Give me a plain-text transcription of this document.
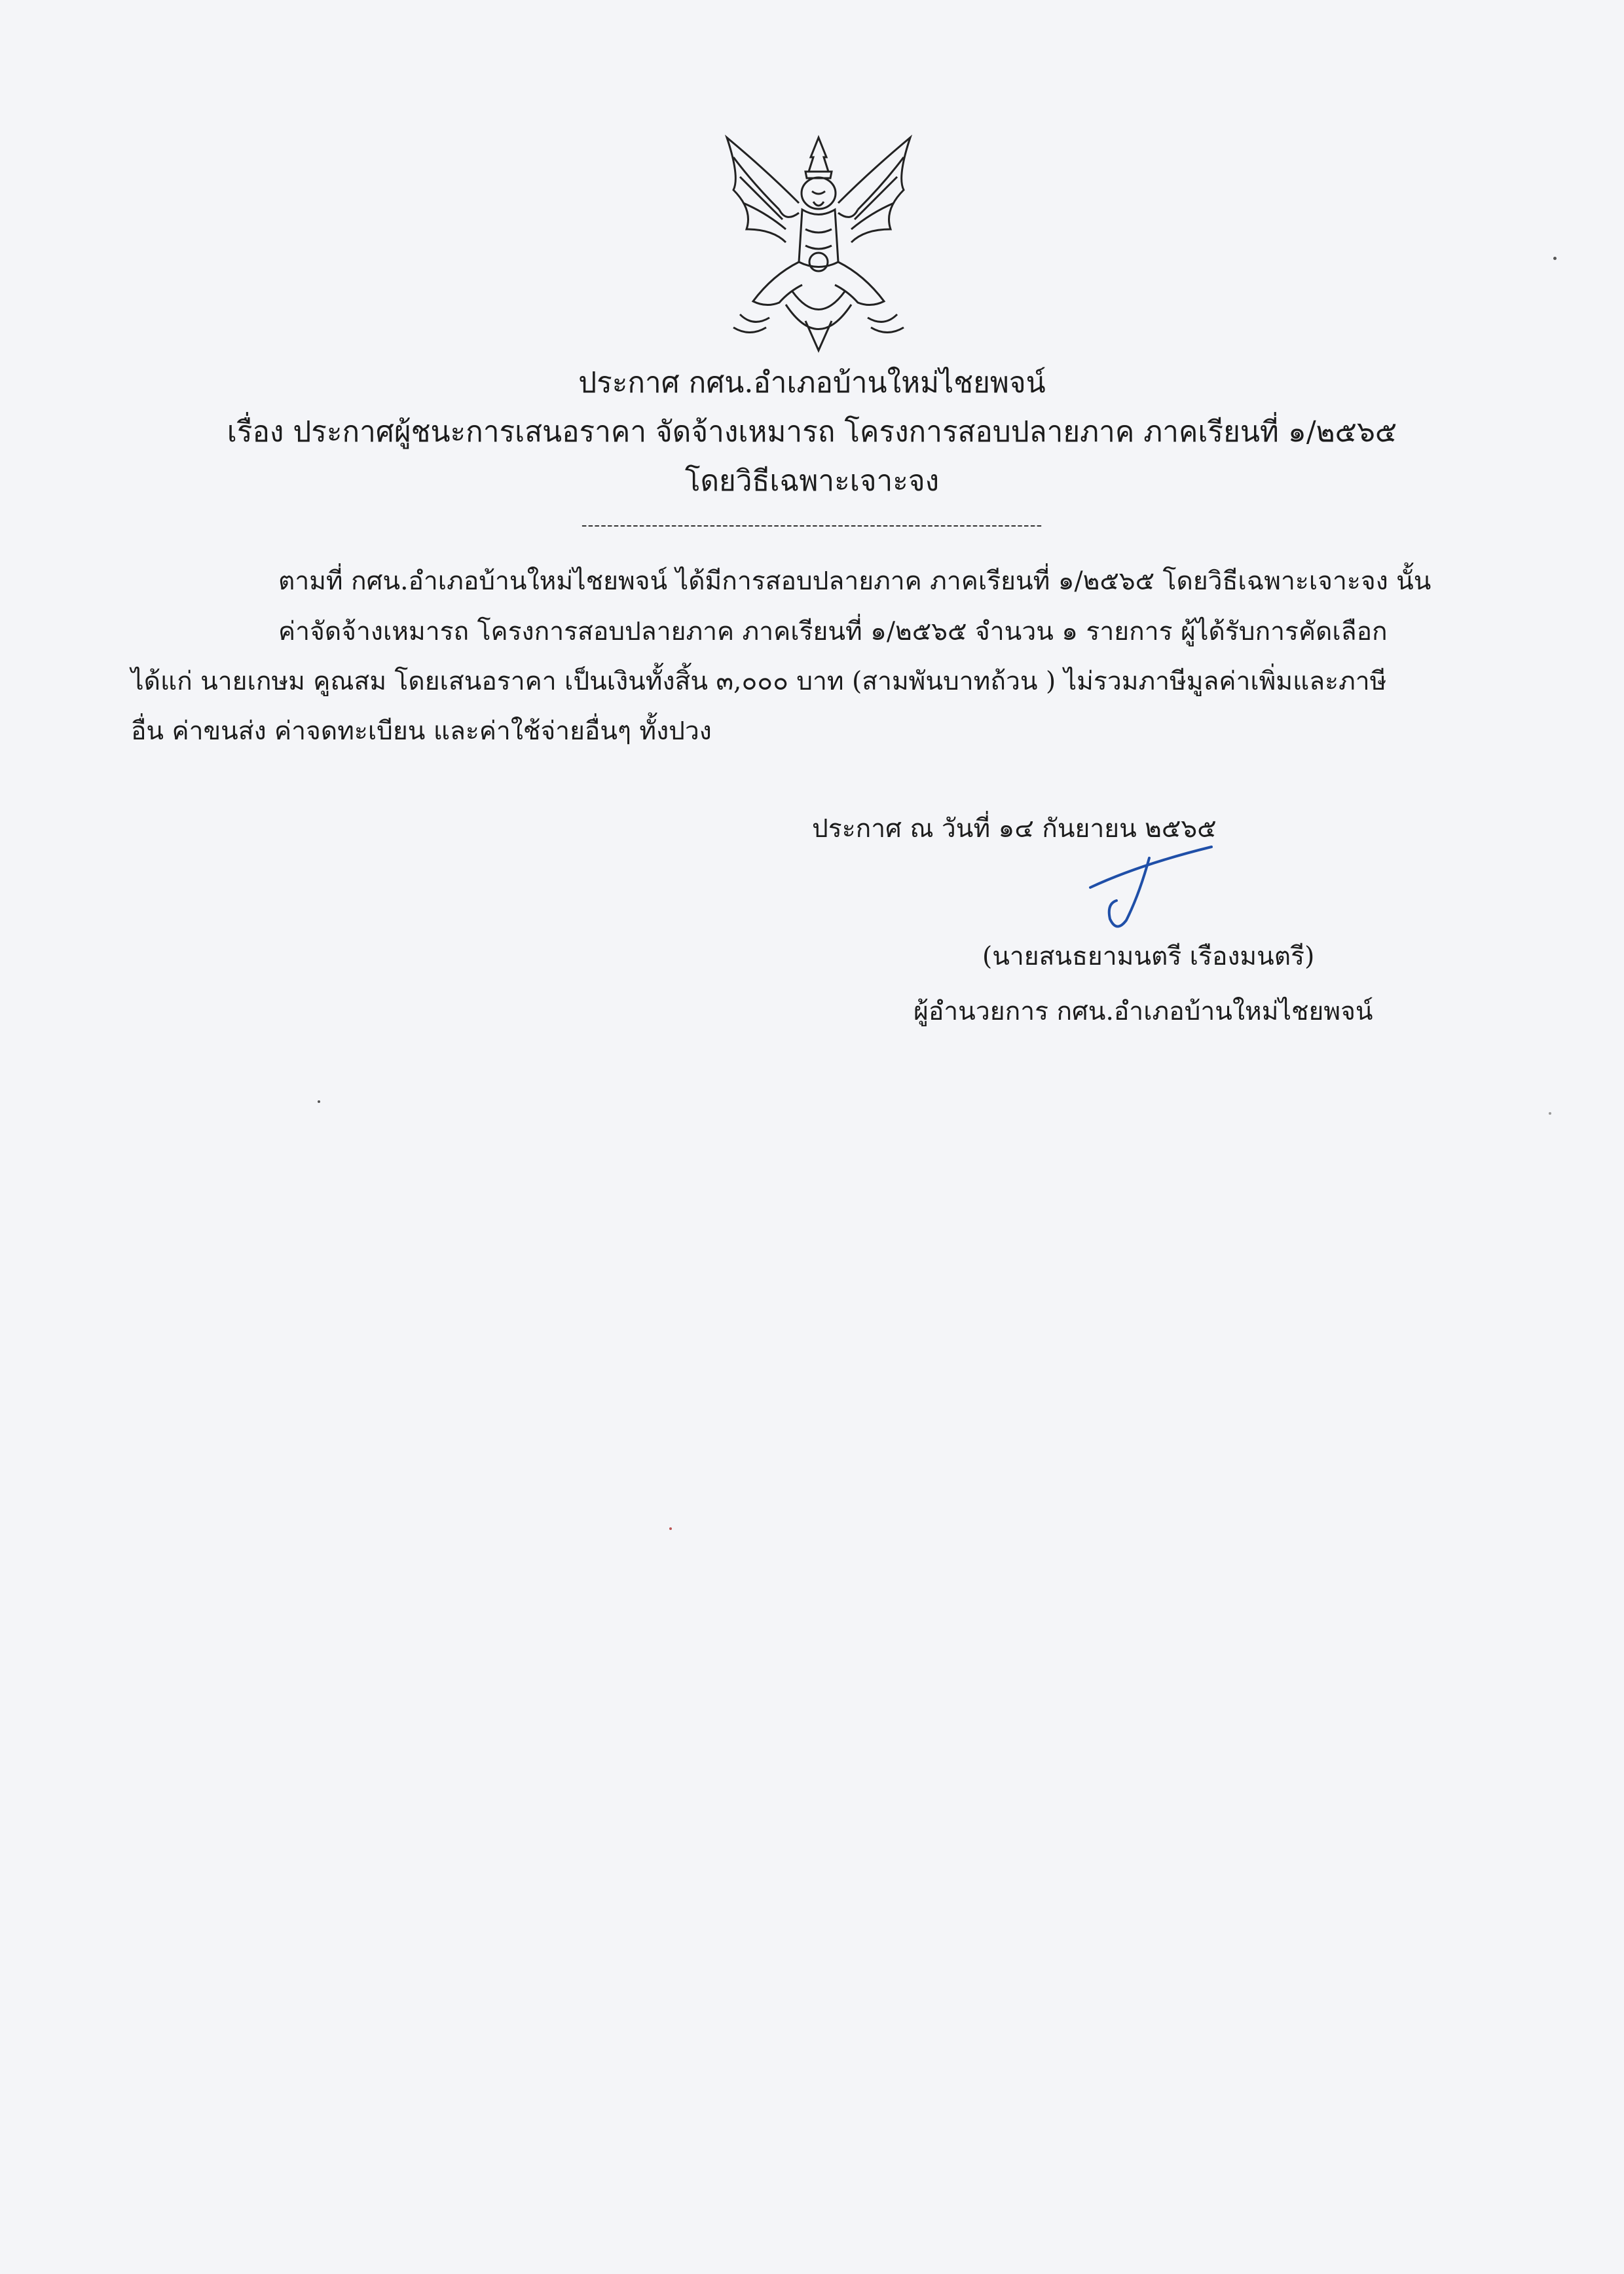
ประกาศ กศน.อำเภอบ้านใหม่ไชยพจน์
เรื่อง ประกาศผู้ชนะการเสนอราคา จัดจ้างเหมารถ โครงการสอบปลายภาค ภาคเรียนที่ ๑/๒๕๖๕
โดยวิธีเฉพาะเจาะจง
------------------------------------------------------------------------
ตามที่ กศน.อำเภอบ้านใหม่ไชยพจน์ ได้มีการสอบปลายภาค ภาคเรียนที่ ๑/๒๕๖๕ โดยวิธีเฉพาะเจาะจง นั้น
ค่าจัดจ้างเหมารถ โครงการสอบปลายภาค ภาคเรียนที่ ๑/๒๕๖๕ จำนวน ๑ รายการ ผู้ได้รับการคัดเลือก
ได้แก่ นายเกษม คูณสม โดยเสนอราคา เป็นเงินทั้งสิ้น ๓,๐๐๐ บาท (สามพันบาทถ้วน ) ไม่รวมภาษีมูลค่าเพิ่มและภาษี
อื่น ค่าขนส่ง ค่าจดทะเบียน และค่าใช้จ่ายอื่นๆ ทั้งปวง
ประกาศ ณ วันที่ ๑๔ กันยายน ๒๕๖๕
(นายสนธยามนตรี เรืองมนตรี)
ผู้อำนวยการ กศน.อำเภอบ้านใหม่ไชยพจน์
